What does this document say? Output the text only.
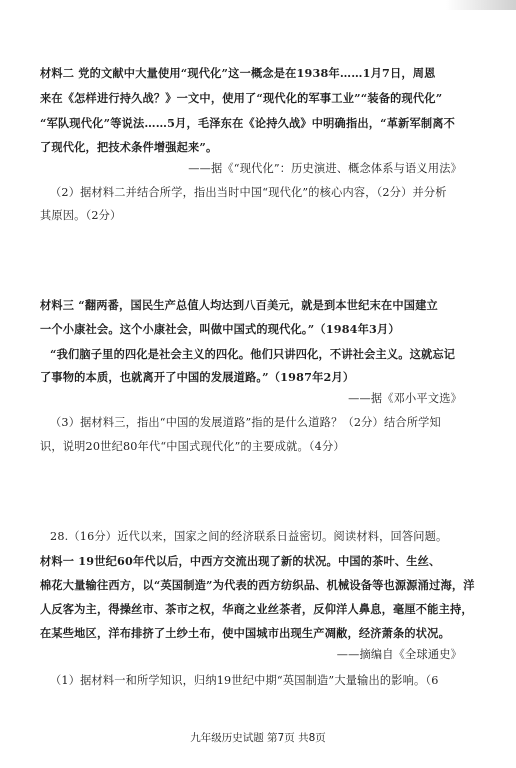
材料二 党的文献中大量使用“现代化”这一概念是在1938年……1月7日，周恩
来在《怎样进行持久战？》一文中，使用了“现代化的军事工业”“装备的现代化”
“军队现代化”等说法……5月，毛泽东在《论持久战》中明确指出，“革新军制离不
了现代化，把技术条件增强起来”。
——据《“现代化”：历史演进、概念体系与语义用法》
（2）据材料二并结合所学，指出当时中国“现代化”的核心内容，（2分）并分析
其原因。（2分）
材料三 “翻两番，国民生产总值人均达到八百美元，就是到本世纪末在中国建立
一个小康社会。这个小康社会，叫做中国式的现代化。”（1984年3月）
“我们脑子里的四化是社会主义的四化。他们只讲四化，不讲社会主义。这就忘记
了事物的本质，也就离开了中国的发展道路。”（1987年2月）
——据《邓小平文选》
（3）据材料三，指出“中国的发展道路”指的是什么道路？（2分）结合所学知
识，说明20世纪80年代“中国式现代化”的主要成就。（4分）
28.（16分）近代以来，国家之间的经济联系日益密切。阅读材料，回答问题。
材料一 19世纪60年代以后，中西方交流出现了新的状况。中国的茶叶、生丝、
棉花大量输往西方，以“英国制造”为代表的西方纺织品、机械设备等也源源涌过海，洋
人反客为主，得操丝市、茶市之权，华商之业丝茶者，反仰洋人鼻息，毫厘不能主持，
在某些地区，洋布排挤了土纱土布，使中国城市出现生产凋敝，经济萧条的状况。
——摘编自《全球通史》
（1）据材料一和所学知识，归纳19世纪中期“英国制造”大量输出的影响。（6
九年级历史试题 第7页 共8页
